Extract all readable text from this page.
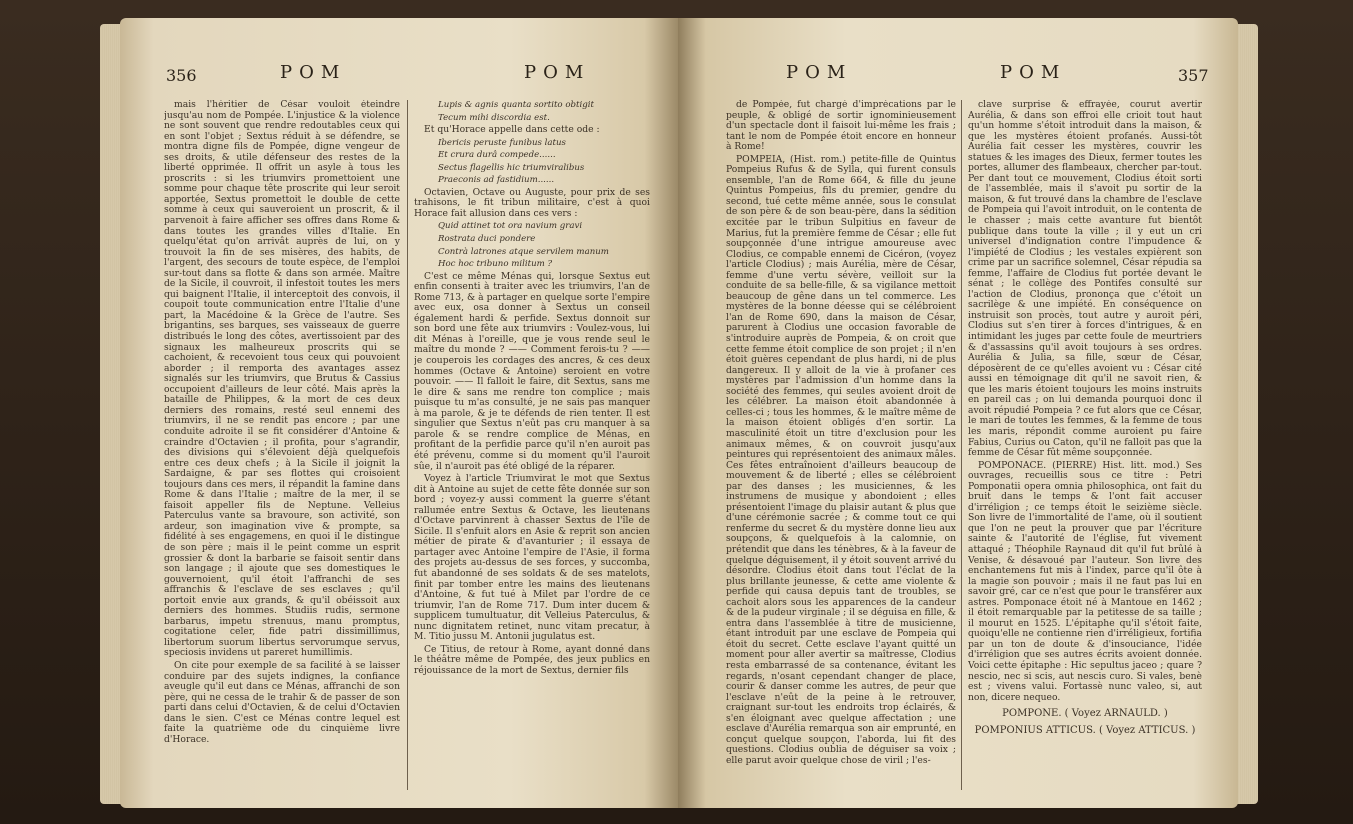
356	POM	POM

mais l'héritier de César vouloit éteindre jusqu'au nom de Pompée. L'injustice & la violence ne sont souvent que rendre redoutables ceux qui en sont l'objet ; Sextus réduit à se défendre, se montra digne fils de Pompée, digne vengeur de ses droits, & utile défenseur des restes de la liberté opprimée. Il offrit un asyle à tous les proscrits : si les triumvirs promettoient une somme pour chaque tête proscrite qui leur seroit apportée, Sextus promettoit le double de cette somme à ceux qui sauveroient un proscrit, & il parvenoit à faire afficher ses offres dans Rome & dans toutes les grandes villes d'Italie. En quelqu'état qu'on arrivât auprès de lui, on y trouvoit la fin de ses misères, des habits, de l'argent, des secours de toute espèce, de l'emploi sur-tout dans sa flotte & dans son armée. Maître de la Sicile, il couvroit, il infestoit toutes les mers qui baignent l'Italie, il interceptoit des convois, il coupoit toute communication entre l'Italie d'une part, la Macédoine & la Grèce de l'autre. Ses brigantins, ses barques, ses vaisseaux de guerre distribués le long des côtes, avertissoient par des signaux les malheureux proscrits qui se cachoient, & recevoient tous ceux qui pouvoient aborder ; il remporta des avantages assez signalés sur les triumvirs, que Brutus & Cassius occupoient d'ailleurs de leur côté. Mais après la bataille de Philippes, & la mort de ces deux derniers des romains, resté seul ennemi des triumvirs, il ne se rendit pas encore ; par une conduite adroite il se fit considérer d'Antoine & craindre d'Octavien ; il profita, pour s'agrandir, des divisions qui s'élevoient déjà quelquefois entre ces deux chefs ; à la Sicile il joignit la Sardaigne, & par ses flottes qui croisoient toujours dans ces mers, il répandit la famine dans Rome & dans l'Italie ; maître de la mer, il se faisoit appeller fils de Neptune. Velleius Paterculus vante sa bravoure, son activité, son ardeur, son imagination vive & prompte, sa fidélité à ses engagemens, en quoi il le distingue de son père ; mais il le peint comme un esprit grossier & dont la barbarie se faisoit sentir dans son langage ; il ajoute que ses domestiques le gouvernoient, qu'il étoit l'affranchi de ses affranchis & l'esclave de ses esclaves ; qu'il portoit envie aux grands, & qu'il obéissoit aux derniers des hommes. Studiis rudis, sermone barbarus, impetu strenuus, manu promptus, cogitatione celer, fide patri dissimillimus, libertorum suorum libertus servorumque servus, speciosis invidens ut pareret humillimis.

On cite pour exemple de sa facilité à se laisser conduire par des sujets indignes, la confiance aveugle qu'il eut dans ce Ménas, affranchi de son père, qui ne cessa de le trahir & de passer de son parti dans celui d'Octavien, & de celui d'Octavien dans le sien. C'est ce Ménas contre lequel est faite la quatrième ode du cinquième livre d'Horace.

Lupis & agnis quanta sortito obtigit

Tecum mihi discordia est.

Et qu'Horace appelle dans cette ode :

Ibericis peruste funibus latus

Et crura durâ compede......

Sectus flagellis hic triumviralibus

Praeconis ad fastidium......

Octavien, Octave ou Auguste, pour prix de ses trahisons, le fit tribun militaire, c'est à quoi Horace fait allusion dans ces vers :

Quid attinet tot ora navium gravi

Rostrata duci pondere

Contrà latrones atque servilem manum

Hoc hoc tribuno militum ?

C'est ce même Ménas qui, lorsque Sextus eut enfin consenti à traiter avec les triumvirs, l'an de Rome 713, & à partager en quelque sorte l'empire avec eux, osa donner à Sextus un conseil également hardi & perfide. Sextus donnoit sur son bord une fête aux triumvirs : Voulez-vous, lui dit Ménas à l'oreille, que je vous rende seul le maître du monde ? —— Comment ferois-tu ? —— je couperois les cordages des ancres, & ces deux hommes (Octave & Antoine) seroient en votre pouvoir. —— Il falloit le faire, dit Sextus, sans me le dire & sans me rendre ton complice ; mais puisque tu m'as consulté, je ne sais pas manquer à ma parole, & je te défends de rien tenter. Il est singulier que Sextus n'eût pas cru manquer à sa parole & se rendre complice de Ménas, en profitant de la perfidie parce qu'il n'en auroit pas été prévenu, comme si du moment qu'il l'auroit sûe, il n'auroit pas été obligé de la réparer.

Voyez à l'article Triumvirat le mot que Sextus dit à Antoine au sujet de cette fête donnée sur son bord ; voyez-y aussi comment la guerre s'étant rallumée entre Sextus & Octave, les lieutenans d'Octave parvinrent à chasser Sextus de l'île de Sicile. Il s'enfuit alors en Asie & reprit son ancien métier de pirate & d'avanturier ; il essaya de partager avec Antoine l'empire de l'Asie, il forma des projets au-dessus de ses forces, y succomba, fut abandonné de ses soldats & de ses matelots, finit par tomber entre les mains des lieutenans d'Antoine, & fut tué à Milet par l'ordre de ce triumvir, l'an de Rome 717. Dum inter ducem & supplicem tumultuatur, dit Velleius Paterculus, & nunc dignitatem retinet, nunc vitam precatur, à M. Titio jussu M. Antonii jugulatus est.

Ce Titius, de retour à Rome, ayant donné dans le théâtre même de Pompée, des jeux publics en réjouissance de la mort de Sextus, dernier fils

POM	POM	357

de Pompée, fut chargé d'imprécations par le peuple, & obligé de sortir ignominieusement d'un spectacle dont il faisoit lui-même les frais ; tant le nom de Pompée étoit encore en honneur à Rome!

POMPEIA, (Hist. rom.) petite-fille de Quintus Pompeius Rufus & de Sylla, qui furent consuls ensemble, l'an de Rome 664, & fille du jeune Quintus Pompeius, fils du premier, gendre du second, tué cette même année, sous le consulat de son père & de son beau-père, dans la sédition excitée par le tribun Sulpitius en faveur de Marius, fut la première femme de César ; elle fut soupçonnée d'une intrigue amoureuse avec Clodius, ce compable ennemi de Cicéron, (voyez l'article Clodius) ; mais Aurélia, mère de César, femme d'une vertu sévère, veilloit sur la conduite de sa belle-fille, & sa vigilance mettoit beaucoup de gêne dans un tel commerce. Les mystères de la bonne déesse qui se célébroient l'an de Rome 690, dans la maison de César, parurent à Clodius une occasion favorable de s'introduire auprès de Pompeia, & on croit que cette femme étoit complice de son projet ; il n'en étoit guères cependant de plus hardi, ni de plus dangereux. Il y alloit de la vie à profaner ces mystères par l'admission d'un homme dans la société des femmes, qui seules avoient droit de les célébrer. La maison étoit abandonnée à celles-ci ; tous les hommes, & le maître même de la maison étoient obligés d'en sortir. La masculinité étoit un titre d'exclusion pour les animaux mêmes, & on couvroit jusqu'aux peintures qui représentoient des animaux mâles. Ces fêtes entraînoient d'ailleurs beaucoup de mouvement & de liberté ; elles se célébroient par des danses ; les musiciennes, & les instrumens de musique y abondoient ; elles présentoient l'image du plaisir autant & plus que d'une cérémonie sacrée ; & comme tout ce qui renferme du secret & du mystère donne lieu aux soupçons, & quelquefois à la calomnie, on prétendit que dans les ténèbres, & à la faveur de quelque déguisement, il y étoit souvent arrivé du désordre. Clodius étoit dans tout l'éclat de la plus brillante jeunesse, & cette ame violente & perfide qui causa depuis tant de troubles, se cachoit alors sous les apparences de la candeur & de la pudeur virginale ; il se déguisa en fille, & entra dans l'assemblée à titre de musicienne, étant introduit par une esclave de Pompeia qui étoit du secret. Cette esclave l'ayant quitté un moment pour aller avertir sa maîtresse, Clodius resta embarrassé de sa contenance, évitant les regards, n'osant cependant changer de place, courir & danser comme les autres, de peur que l'esclave n'eût de la peine à le retrouver, craignant sur-tout les endroits trop éclairés, & s'en éloignant avec quelque affectation ; une esclave d'Aurélia remarqua son air emprunté, en conçut quelque soupçon, l'aborda, lui fit des questions. Clodius oublia de déguiser sa voix ; elle parut avoir quelque chose de viril ; l'es-

clave surprise & effrayée, courut avertir Aurélia, & dans son effroi elle crioit tout haut qu'un homme s'étoit introduit dans la maison, & que les mystères étoient profanés. Aussi-tôt Aurélia fait cesser les mystères, couvrir les statues & les images des Dieux, fermer toutes les portes, allumer des flambeaux, chercher par-tout. Per dant tout ce mouvement, Clodius étoit sorti de l'assemblée, mais il s'avoit pu sortir de la maison, & fut trouvé dans la chambre de l'esclave de Pompeia qui l'avoit introduit, on le contenta de le chasser ; mais cette avanture fut bientôt publique dans toute la ville ; il y eut un cri universel d'indignation contre l'impudence & l'impiété de Clodius ; les vestales expièrent son crime par un sacrifice solemnel, César répudia sa femme, l'affaire de Clodius fut portée devant le sénat ; le collège des Pontifes consulté sur l'action de Clodius, prononça que c'étoit un sacrilège & une impiété. En conséquence on instruisit son procès, tout autre y auroit péri, Clodius sut s'en tirer à forces d'intrigues, & en intimidant les juges par cette foule de meurtriers & d'assassins qu'il avoit toujours à ses ordres. Aurélia & Julia, sa fille, sœur de César, déposèrent de ce qu'elles avoient vu : César cité aussi en témoignage dit qu'il ne savoit rien, & que les maris étoient toujours les moins instruits en pareil cas ; on lui demanda pourquoi donc il avoit répudié Pompeia ? ce fut alors que ce César, le mari de toutes les femmes, & la femme de tous les maris, répondit comme auroient pu faire Fabius, Curius ou Caton, qu'il ne falloit pas que la femme de César fût même soupçonnée.

POMPONACE. (PIERRE) Hist. litt. mod.) Ses ouvrages, recueillis sous ce titre : Petri Pomponatii opera omnia philosophica, ont fait du bruit dans le temps & l'ont fait accuser d'irréligion ; ce temps étoit le seizième siècle. Son livre de l'immortalité de l'ame, où il soutient que l'on ne peut la prouver que par l'écriture sainte & l'autorité de l'église, fut vivement attaqué ; Théophile Raynaud dit qu'il fut brûlé à Venise, & désavoué par l'auteur. Son livre des enchantemens fut mis à l'index, parce qu'il ôte à la magie son pouvoir ; mais il ne faut pas lui en savoir gré, car ce n'est que pour le transférer aux astres. Pomponace étoit né à Mantoue en 1462 ; il étoit remarquable par la petitesse de sa taille ; il mourut en 1525. L'épitaphe qu'il s'étoit faite, quoiqu'elle ne contienne rien d'irréligieux, fortifia par un ton de doute & d'insouciance, l'idée d'irréligion que ses autres écrits avoient donnée. Voici cette épitaphe : Hic sepultus jaceo ; quare ? nescio, nec si scis, aut nescis curo. Si vales, benè est ; vivens valui. Fortassè nunc valeo, si, aut non, dicere nequeo.

POMPONE. ( Voyez ARNAULD. )

POMPONIUS ATTICUS. ( Voyez ATTICUS. )
